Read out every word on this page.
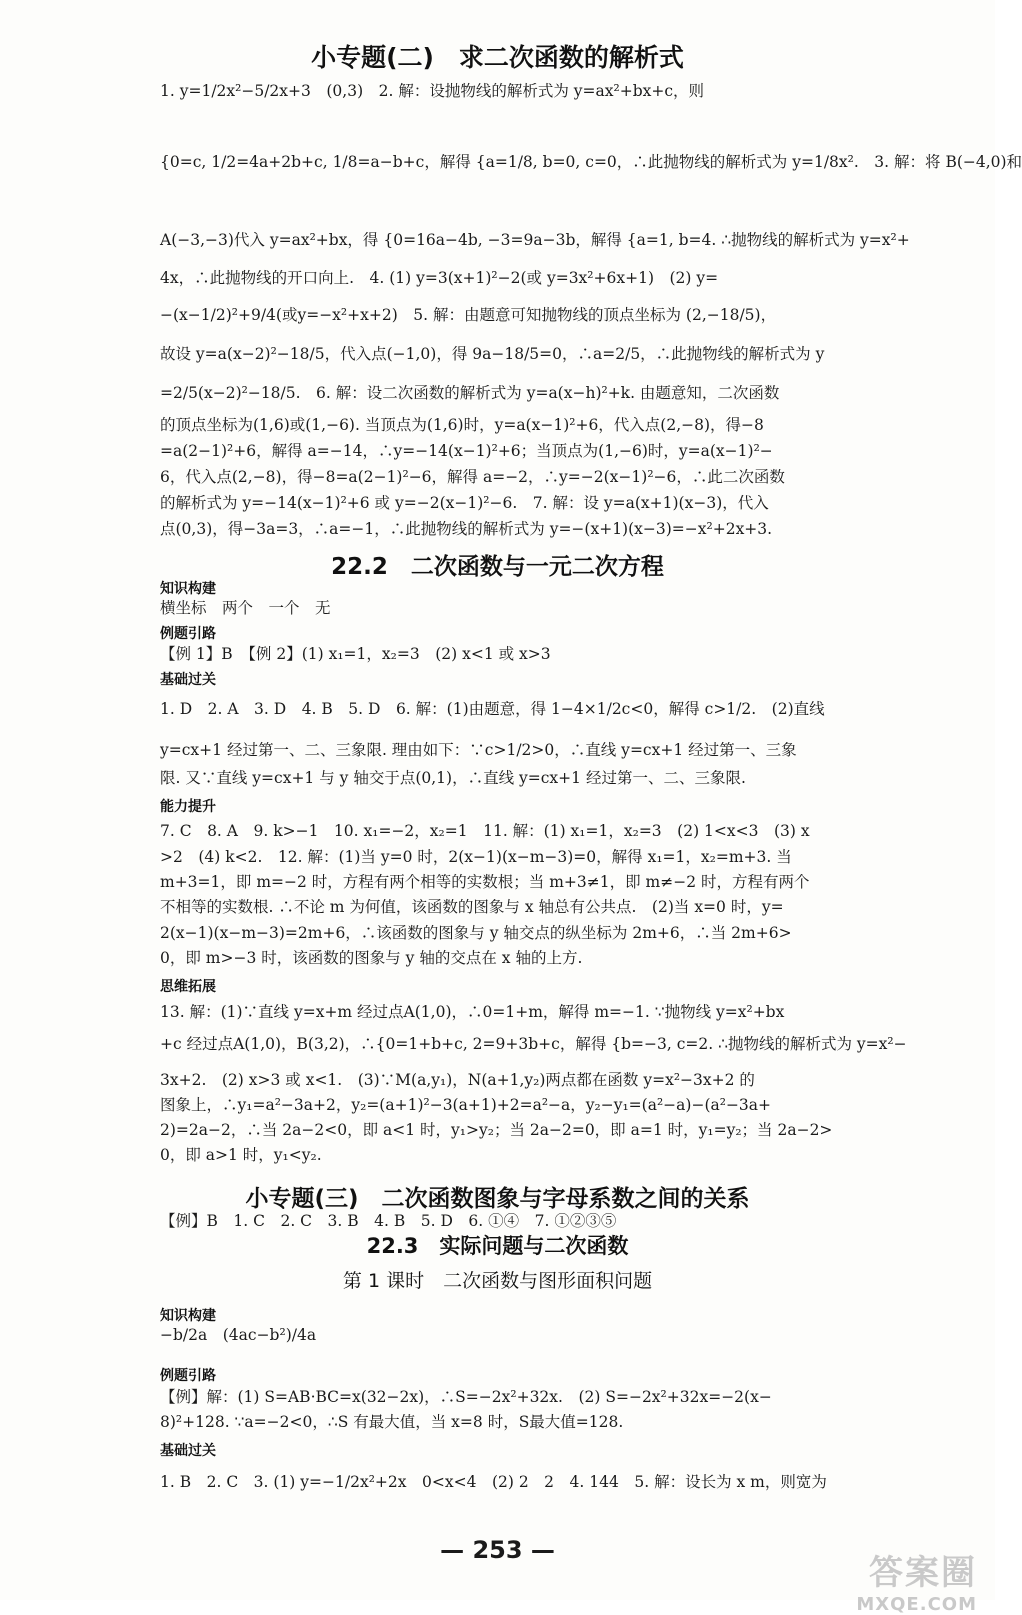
小专题(二)　求二次函数的解析式
1. y=1/2x²−5/2x+3　(0,3)　2. 解：设抛物线的解析式为 y=ax²+bx+c，则
{0=c, 1/2=4a+2b+c, 1/8=a−b+c，解得 {a=1/8, b=0, c=0，∴此抛物线的解析式为 y=1/8x².　3. 解：将 B(−4,0)和
A(−3,−3)代入 y=ax²+bx，得 {0=16a−4b, −3=9a−3b，解得 {a=1, b=4. ∴抛物线的解析式为 y=x²+
4x，∴此抛物线的开口向上.　4. (1) y=3(x+1)²−2(或 y=3x²+6x+1)　(2) y=
−(x−1/2)²+9/4(或y=−x²+x+2)　5. 解：由题意可知抛物线的顶点坐标为 (2,−18/5)，
故设 y=a(x−2)²−18/5，代入点(−1,0)，得 9a−18/5=0，∴a=2/5，∴此抛物线的解析式为 y
=2/5(x−2)²−18/5.　6. 解：设二次函数的解析式为 y=a(x−h)²+k. 由题意知，二次函数
的顶点坐标为(1,6)或(1,−6). 当顶点为(1,6)时，y=a(x−1)²+6，代入点(2,−8)，得−8
=a(2−1)²+6，解得 a=−14，∴y=−14(x−1)²+6；当顶点为(1,−6)时，y=a(x−1)²−
6，代入点(2,−8)，得−8=a(2−1)²−6，解得 a=−2，∴y=−2(x−1)²−6，∴此二次函数
的解析式为 y=−14(x−1)²+6 或 y=−2(x−1)²−6.　7. 解：设 y=a(x+1)(x−3)，代入
点(0,3)，得−3a=3，∴a=−1，∴此抛物线的解析式为 y=−(x+1)(x−3)=−x²+2x+3.
22.2　二次函数与一元二次方程
知识构建
横坐标　两个　一个　无
例题引路
【例 1】B　【例 2】(1) x₁=1，x₂=3　(2) x<1 或 x>3
基础过关
1. D　2. A　3. D　4. B　5. D　6. 解：(1)由题意，得 1−4×1/2c<0，解得 c>1/2.　(2)直线
y=cx+1 经过第一、二、三象限. 理由如下：∵c>1/2>0，∴直线 y=cx+1 经过第一、三象
限. 又∵直线 y=cx+1 与 y 轴交于点(0,1)，∴直线 y=cx+1 经过第一、二、三象限.
能力提升
7. C　8. A　9. k>−1　10. x₁=−2，x₂=1　11. 解：(1) x₁=1，x₂=3　(2) 1<x<3　(3) x
>2　(4) k<2.　12. 解：(1)当 y=0 时，2(x−1)(x−m−3)=0，解得 x₁=1，x₂=m+3. 当
m+3=1，即 m=−2 时，方程有两个相等的实数根；当 m+3≠1，即 m≠−2 时，方程有两个
不相等的实数根. ∴不论 m 为何值，该函数的图象与 x 轴总有公共点.　(2)当 x=0 时，y=
2(x−1)(x−m−3)=2m+6，∴该函数的图象与 y 轴交点的纵坐标为 2m+6，∴当 2m+6>
0，即 m>−3 时，该函数的图象与 y 轴的交点在 x 轴的上方.
思维拓展
13. 解：(1)∵直线 y=x+m 经过点A(1,0)，∴0=1+m，解得 m=−1. ∵抛物线 y=x²+bx
+c 经过点A(1,0)，B(3,2)，∴{0=1+b+c, 2=9+3b+c，解得 {b=−3, c=2. ∴抛物线的解析式为 y=x²−
3x+2.　(2) x>3 或 x<1.　(3)∵M(a,y₁)，N(a+1,y₂)两点都在函数 y=x²−3x+2 的
图象上，∴y₁=a²−3a+2，y₂=(a+1)²−3(a+1)+2=a²−a，y₂−y₁=(a²−a)−(a²−3a+
2)=2a−2，∴当 2a−2<0，即 a<1 时，y₁>y₂；当 2a−2=0，即 a=1 时，y₁=y₂；当 2a−2>
0，即 a>1 时，y₁<y₂.
小专题(三)　二次函数图象与字母系数之间的关系
【例】B　1. C　2. C　3. B　4. B　5. D　6. ①④　7. ①②③⑤
22.3　实际问题与二次函数
第 1 课时　二次函数与图形面积问题
知识构建
−b/2a　(4ac−b²)/4a
例题引路
【例】解：(1) S=AB·BC=x(32−2x)，∴S=−2x²+32x.　(2) S=−2x²+32x=−2(x−
8)²+128. ∵a=−2<0，∴S 有最大值，当 x=8 时，S最大值=128.
基础过关
1. B　2. C　3. (1) y=−1/2x²+2x　0<x<4　(2) 2　2　4. 144　5. 解：设长为 x m，则宽为
— 253 —
答案圈
MXQE.COM
